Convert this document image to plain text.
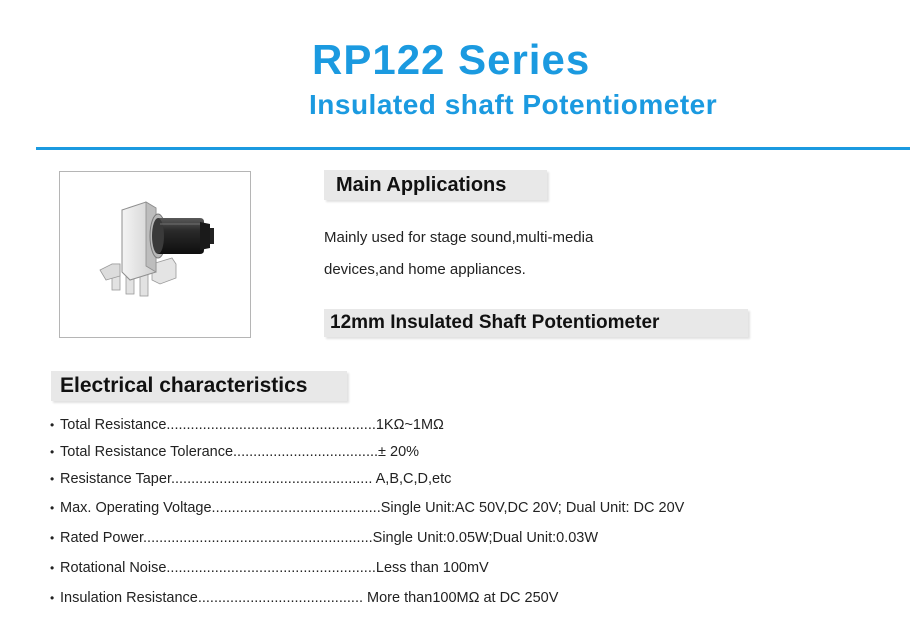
RP122 Series
Insulated shaft Potentiometer
Main Applications

Mainly used for stage sound,multi-media

devices,and home appliances.

12mm Insulated Shaft Potentiometer
Electrical characteristics
• Total Resistance....................................................1KΩ~1MΩ
• Total Resistance Tolerance....................................± 20%
• Resistance Taper.................................................. A,B,C,D,etc
• Max. Operating Voltage..........................................Single Unit:AC 50V,DC 20V; Dual Unit: DC 20V
• Rated Power.........................................................Single Unit:0.05W;Dual Unit:0.03W
• Rotational Noise....................................................Less than 100mV
• Insulation Resistance......................................... More than100MΩ at DC 250V
